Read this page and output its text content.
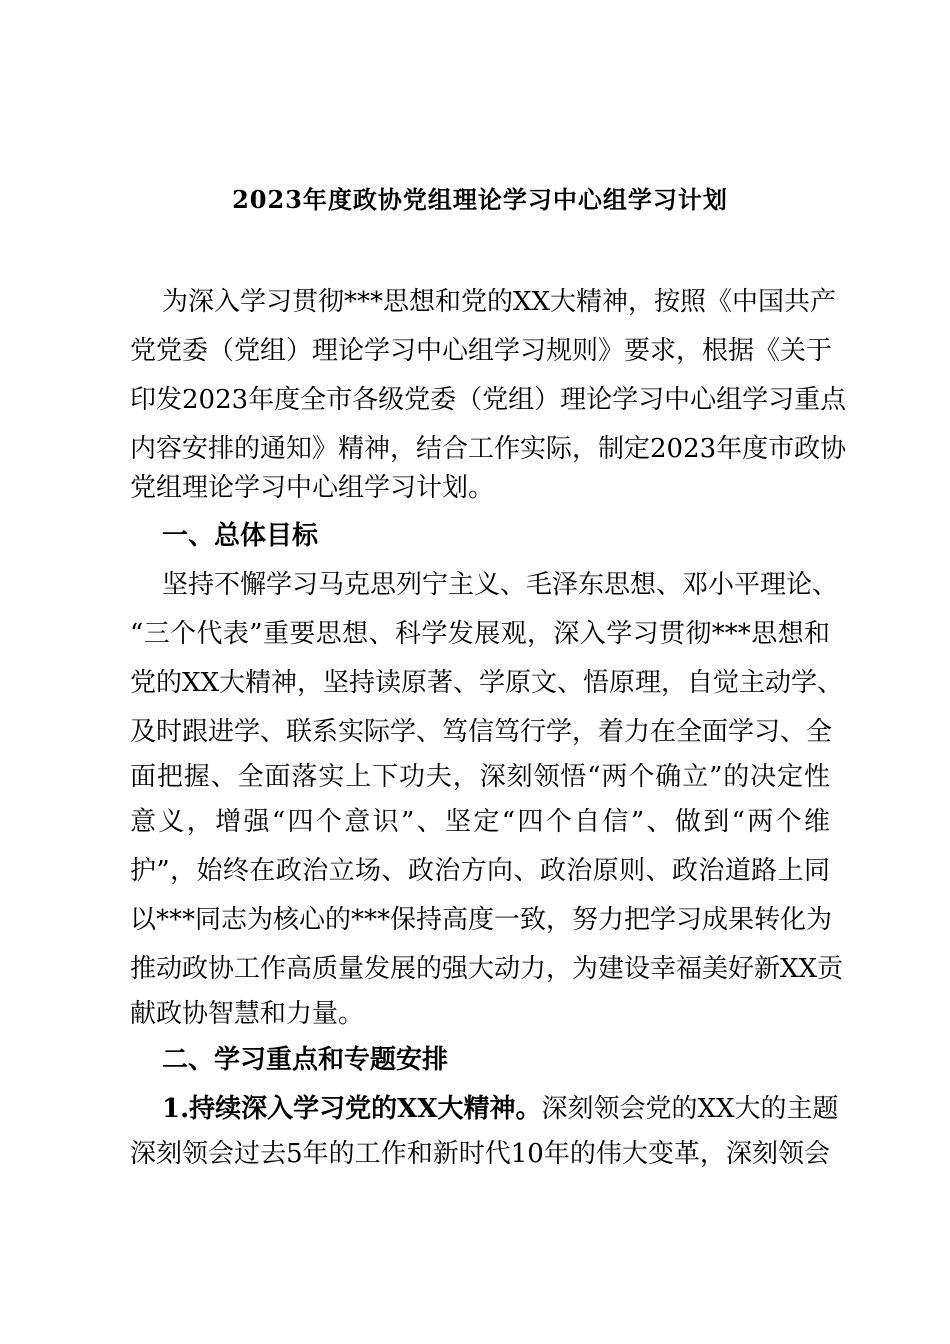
2023年度政协党组理论学习中心组学习计划
为深入学习贯彻***思想和党的XX大精神，按照《中国共产
党党委（党组）理论学习中心组学习规则》要求，根据《关于
印发2023年度全市各级党委（党组）理论学习中心组学习重点
内容安排的通知》精神，结合工作实际，制定2023年度市政协
党组理论学习中心组学习计划。
一、总体目标
坚持不懈学习马克思列宁主义、毛泽东思想、邓小平理论、
“三个代表”重要思想、科学发展观，深入学习贯彻***思想和
党的XX大精神，坚持读原著、学原文、悟原理，自觉主动学、
及时跟进学、联系实际学、笃信笃行学，着力在全面学习、全
面把握、全面落实上下功夫，深刻领悟“两个确立”的决定性
意义，增强“四个意识”、坚定“四个自信”、做到“两个维
护”，始终在政治立场、政治方向、政治原则、政治道路上同
以***同志为核心的***保持高度一致，努力把学习成果转化为
推动政协工作高质量发展的强大动力，为建设幸福美好新XX贡
献政协智慧和力量。
二、学习重点和专题安排
1.持续深入学习党的XX大精神。深刻领会党的XX大的主题
深刻领会过去5年的工作和新时代10年的伟大变革，深刻领会
